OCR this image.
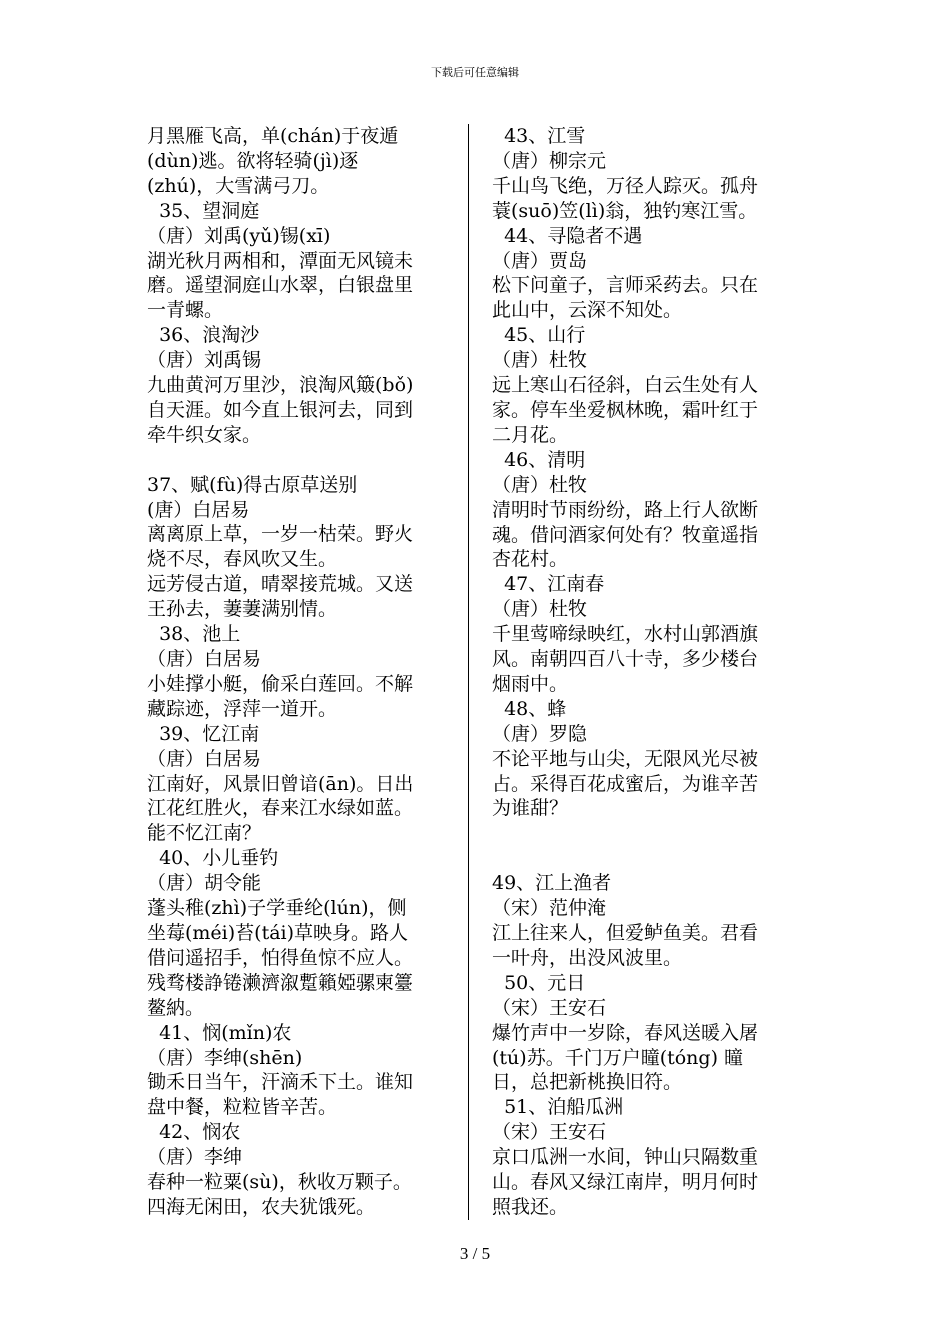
下载后可任意编辑
月黑雁飞高，单(chán)于夜遁
(dùn)逃。欲将轻骑(jì)逐
(zhú)，大雪满弓刀。
35、望洞庭
（唐）刘禹(yǔ)锡(xī)
湖光秋月两相和，潭面无风镜未
磨。遥望洞庭山水翠，白银盘里
一青螺。
36、浪淘沙
（唐）刘禹锡
九曲黄河万里沙，浪淘风簸(bǒ)
自天涯。如今直上银河去，同到
牵牛织女家。
37、赋(fù)得古原草送别
(唐）白居易
离离原上草，一岁一枯荣。野火
烧不尽，春风吹又生。
远芳侵古道，晴翠接荒城。又送
王孙去，萋萋满别情。
38、池上
（唐）白居易
小娃撑小艇，偷采白莲回。不解
藏踪迹，浮萍一道开。
39、忆江南
（唐）白居易
江南好，风景旧曾谙(ān)。日出
江花红胜火，春来江水绿如蓝。
能不忆江南？
40、小儿垂钓
（唐）胡令能
蓬头稚(zhì)子学垂纶(lún)，侧
坐莓(méi)苔(tái)草映身。路人
借问遥招手，怕得鱼惊不应人。
残骛楼諍锩濑濟溆蹔籟婭骡柬籉
鳌納。
41、悯(mǐn)农
（唐）李绅(shēn)
锄禾日当午，汗滴禾下土。谁知
盘中餐，粒粒皆辛苦。
42、悯农
（唐）李绅
春种一粒粟(sù)，秋收万颗子。
四海无闲田，农夫犹饿死。
43、江雪
（唐）柳宗元
千山鸟飞绝，万径人踪灭。孤舟
蓑(suō)笠(lì)翁，独钓寒江雪。
44、寻隐者不遇
（唐）贾岛
松下问童子，言师采药去。只在
此山中，云深不知处。
45、山行
（唐）杜牧
远上寒山石径斜，白云生处有人
家。停车坐爱枫林晚，霜叶红于
二月花。
46、清明
（唐）杜牧
清明时节雨纷纷，路上行人欲断
魂。借问酒家何处有？牧童遥指
杏花村。
47、江南春
（唐）杜牧
千里莺啼绿映红，水村山郭酒旗
风。南朝四百八十寺，多少楼台
烟雨中。
48、蜂
（唐）罗隐
不论平地与山尖，无限风光尽被
占。采得百花成蜜后，为谁辛苦
为谁甜？
49、江上渔者
（宋）范仲淹
江上往来人，但爱鲈鱼美。君看
一叶舟，出没风波里。
50、元日
（宋）王安石
爆竹声中一岁除，春风送暖入屠
(tú)苏。千门万户曈(tóng) 曈
日，总把新桃换旧符。
51、泊船瓜洲
（宋）王安石
京口瓜洲一水间，钟山只隔数重
山。春风又绿江南岸，明月何时
照我还。
3 / 5
